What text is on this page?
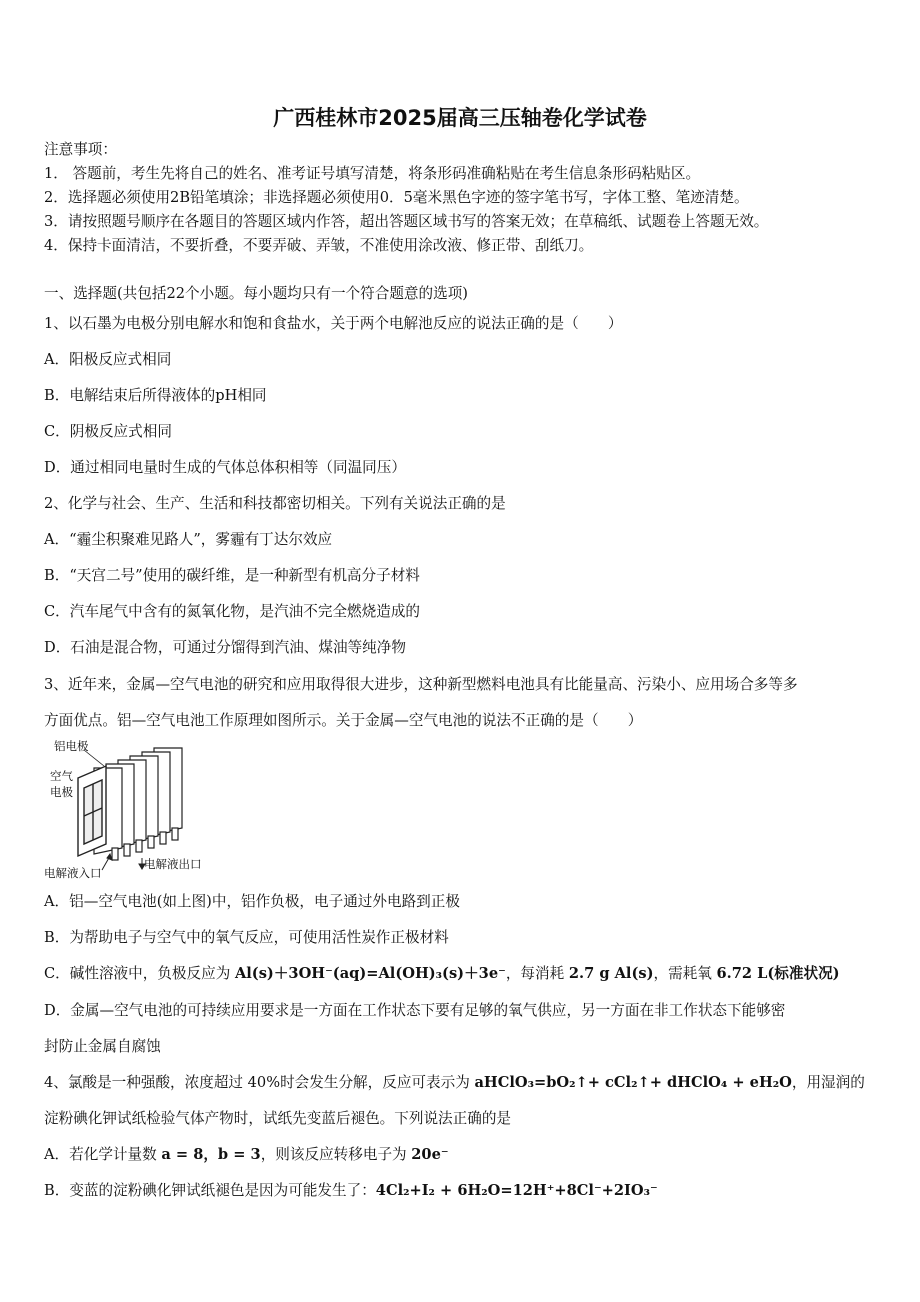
广西桂林市2025届高三压轴卷化学试卷
注意事项：
1． 答题前，考生先将自己的姓名、准考证号填写清楚，将条形码准确粘贴在考生信息条形码粘贴区。
2．选择题必须使用2B铅笔填涂；非选择题必须使用0．5毫米黑色字迹的签字笔书写，字体工整、笔迹清楚。
3．请按照题号顺序在各题目的答题区域内作答，超出答题区域书写的答案无效；在草稿纸、试题卷上答题无效。
4．保持卡面清洁，不要折叠，不要弄破、弄皱，不准使用涂改液、修正带、刮纸刀。
一、选择题(共包括22个小题。每小题均只有一个符合题意的选项)
1、以石墨为电极分别电解水和饱和食盐水，关于两个电解池反应的说法正确的是（　　）
A．阳极反应式相同
B．电解结束后所得液体的pH相同
C．阴极反应式相同
D．通过相同电量时生成的气体总体积相等（同温同压）
2、化学与社会、生产、生活和科技都密切相关。下列有关说法正确的是
A．“霾尘积聚难见路人”，雾霾有丁达尔效应
B．“天宫二号”使用的碳纤维，是一种新型有机高分子材料
C．汽车尾气中含有的氮氧化物，是汽油不完全燃烧造成的
D．石油是混合物，可通过分馏得到汽油、煤油等纯净物
3、近年来，金属—空气电池的研究和应用取得很大进步，这种新型燃料电池具有比能量高、污染小、应用场合多等多
方面优点。铝—空气电池工作原理如图所示。关于金属—空气电池的说法不正确的是（　　）
铝电极
空气
电极
电解液入口
电解液出口
A．铝—空气电池(如上图)中，铝作负极，电子通过外电路到正极
B．为帮助电子与空气中的氧气反应，可使用活性炭作正极材料
C．碱性溶液中，负极反应为 Al(s)＋3OH⁻(aq)=Al(OH)₃(s)＋3e⁻，每消耗 2.7 g Al(s)，需耗氧 6.72 L(标准状况)
D．金属—空气电池的可持续应用要求是一方面在工作状态下要有足够的氧气供应，另一方面在非工作状态下能够密
封防止金属自腐蚀
4、氯酸是一种强酸，浓度超过 40%时会发生分解，反应可表示为 aHClO₃=bO₂↑+ cCl₂↑+ dHClO₄ + eH₂O，用湿润的
淀粉碘化钾试纸检验气体产物时，试纸先变蓝后褪色。下列说法正确的是
A．若化学计量数 a = 8，b = 3，则该反应转移电子为 20e⁻
B．变蓝的淀粉碘化钾试纸褪色是因为可能发生了：4Cl₂+I₂ + 6H₂O=12H⁺+8Cl⁻+2IO₃⁻
